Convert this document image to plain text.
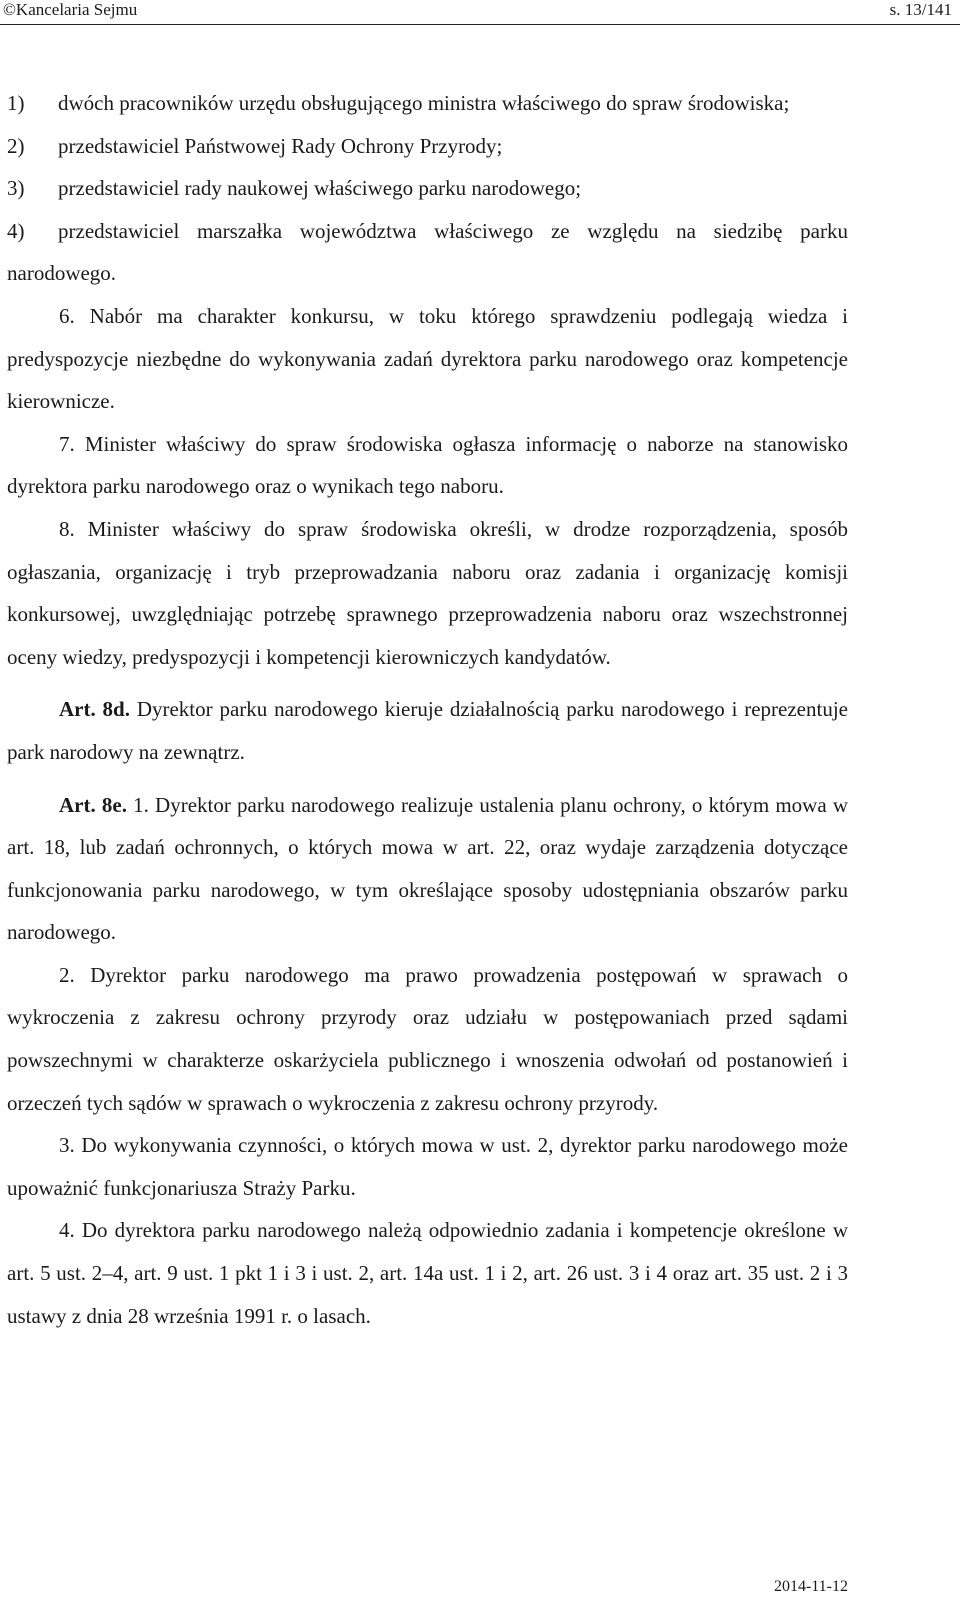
©Kancelaria Sejmu	s. 13/141

1) dwóch pracowników urzędu obsługującego ministra właściwego do spraw środowiska;

2) przedstawiciel Państwowej Rady Ochrony Przyrody;

3) przedstawiciel rady naukowej właściwego parku narodowego;

4) przedstawiciel marszałka województwa właściwego ze względu na siedzibę parku narodowego.

6. Nabór ma charakter konkursu, w toku którego sprawdzeniu podlegają wiedza i predyspozycje niezbędne do wykonywania zadań dyrektora parku narodowego oraz kompetencje kierownicze.

7. Minister właściwy do spraw środowiska ogłasza informację o naborze na stanowisko dyrektora parku narodowego oraz o wynikach tego naboru.

8. Minister właściwy do spraw środowiska określi, w drodze rozporządzenia, sposób ogłaszania, organizację i tryb przeprowadzania naboru oraz zadania i organizację komisji konkursowej, uwzględniając potrzebę sprawnego przeprowadzenia naboru oraz wszechstronnej oceny wiedzy, predyspozycji i kompetencji kierowniczych kandydatów.

Art. 8d. Dyrektor parku narodowego kieruje działalnością parku narodowego i reprezentuje park narodowy na zewnątrz.

Art. 8e. 1. Dyrektor parku narodowego realizuje ustalenia planu ochrony, o którym mowa w art. 18, lub zadań ochronnych, o których mowa w art. 22, oraz wydaje zarządzenia dotyczące funkcjonowania parku narodowego, w tym określające sposoby udostępniania obszarów parku narodowego.

2. Dyrektor parku narodowego ma prawo prowadzenia postępowań w sprawach o wykroczenia z zakresu ochrony przyrody oraz udziału w postępowaniach przed sądami powszechnymi w charakterze oskarżyciela publicznego i wnoszenia odwołań od postanowień i orzeczeń tych sądów w sprawach o wykroczenia z zakresu ochrony przyrody.

3. Do wykonywania czynności, o których mowa w ust. 2, dyrektor parku narodowego może upoważnić funkcjonariusza Straży Parku.

4. Do dyrektora parku narodowego należą odpowiednio zadania i kompetencje określone w art. 5 ust. 2–4, art. 9 ust. 1 pkt 1 i 3 i ust. 2, art. 14a ust. 1 i 2, art. 26 ust. 3 i 4 oraz art. 35 ust. 2 i 3 ustawy z dnia 28 września 1991 r. o lasach.

2014-11-12
